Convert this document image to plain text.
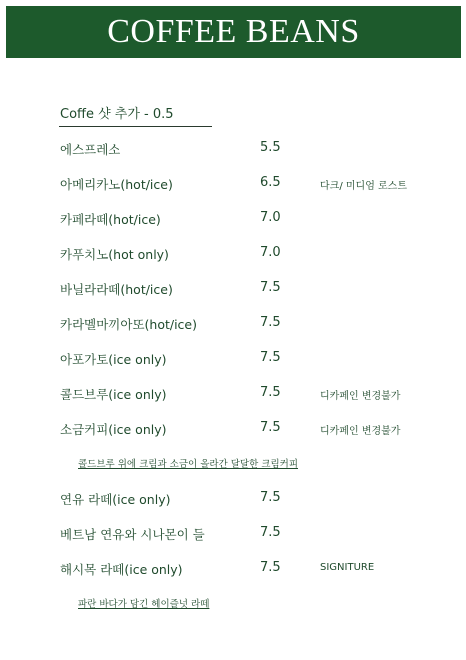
COFFEE BEANS
Coffe 샷 추가 - 0.5
에스프레소	5.5
아메리카노(hot/ice)	6.5	다크/ 미디엄 로스트
카페라떼(hot/ice)	7.0
카푸치노(hot only)	7.0
바닐라라떼(hot/ice)	7.5
카라멜마끼아또(hot/ice)	7.5
아포가토(ice only)	7.5
콜드브루(ice only)	7.5	디카페인 변경불가
소금커피(ice only)	7.5	디카페인 변경불가
콜드브루 위에 크림과 소금이 올라간 달달한 크림커피
연유 라떼(ice only)	7.5
베트남 연유와 시나몬이 들	7.5
해시목 라떼(ice only)	7.5	SIGNITURE
파란 바다가 담긴 헤이즐넛 라떼
